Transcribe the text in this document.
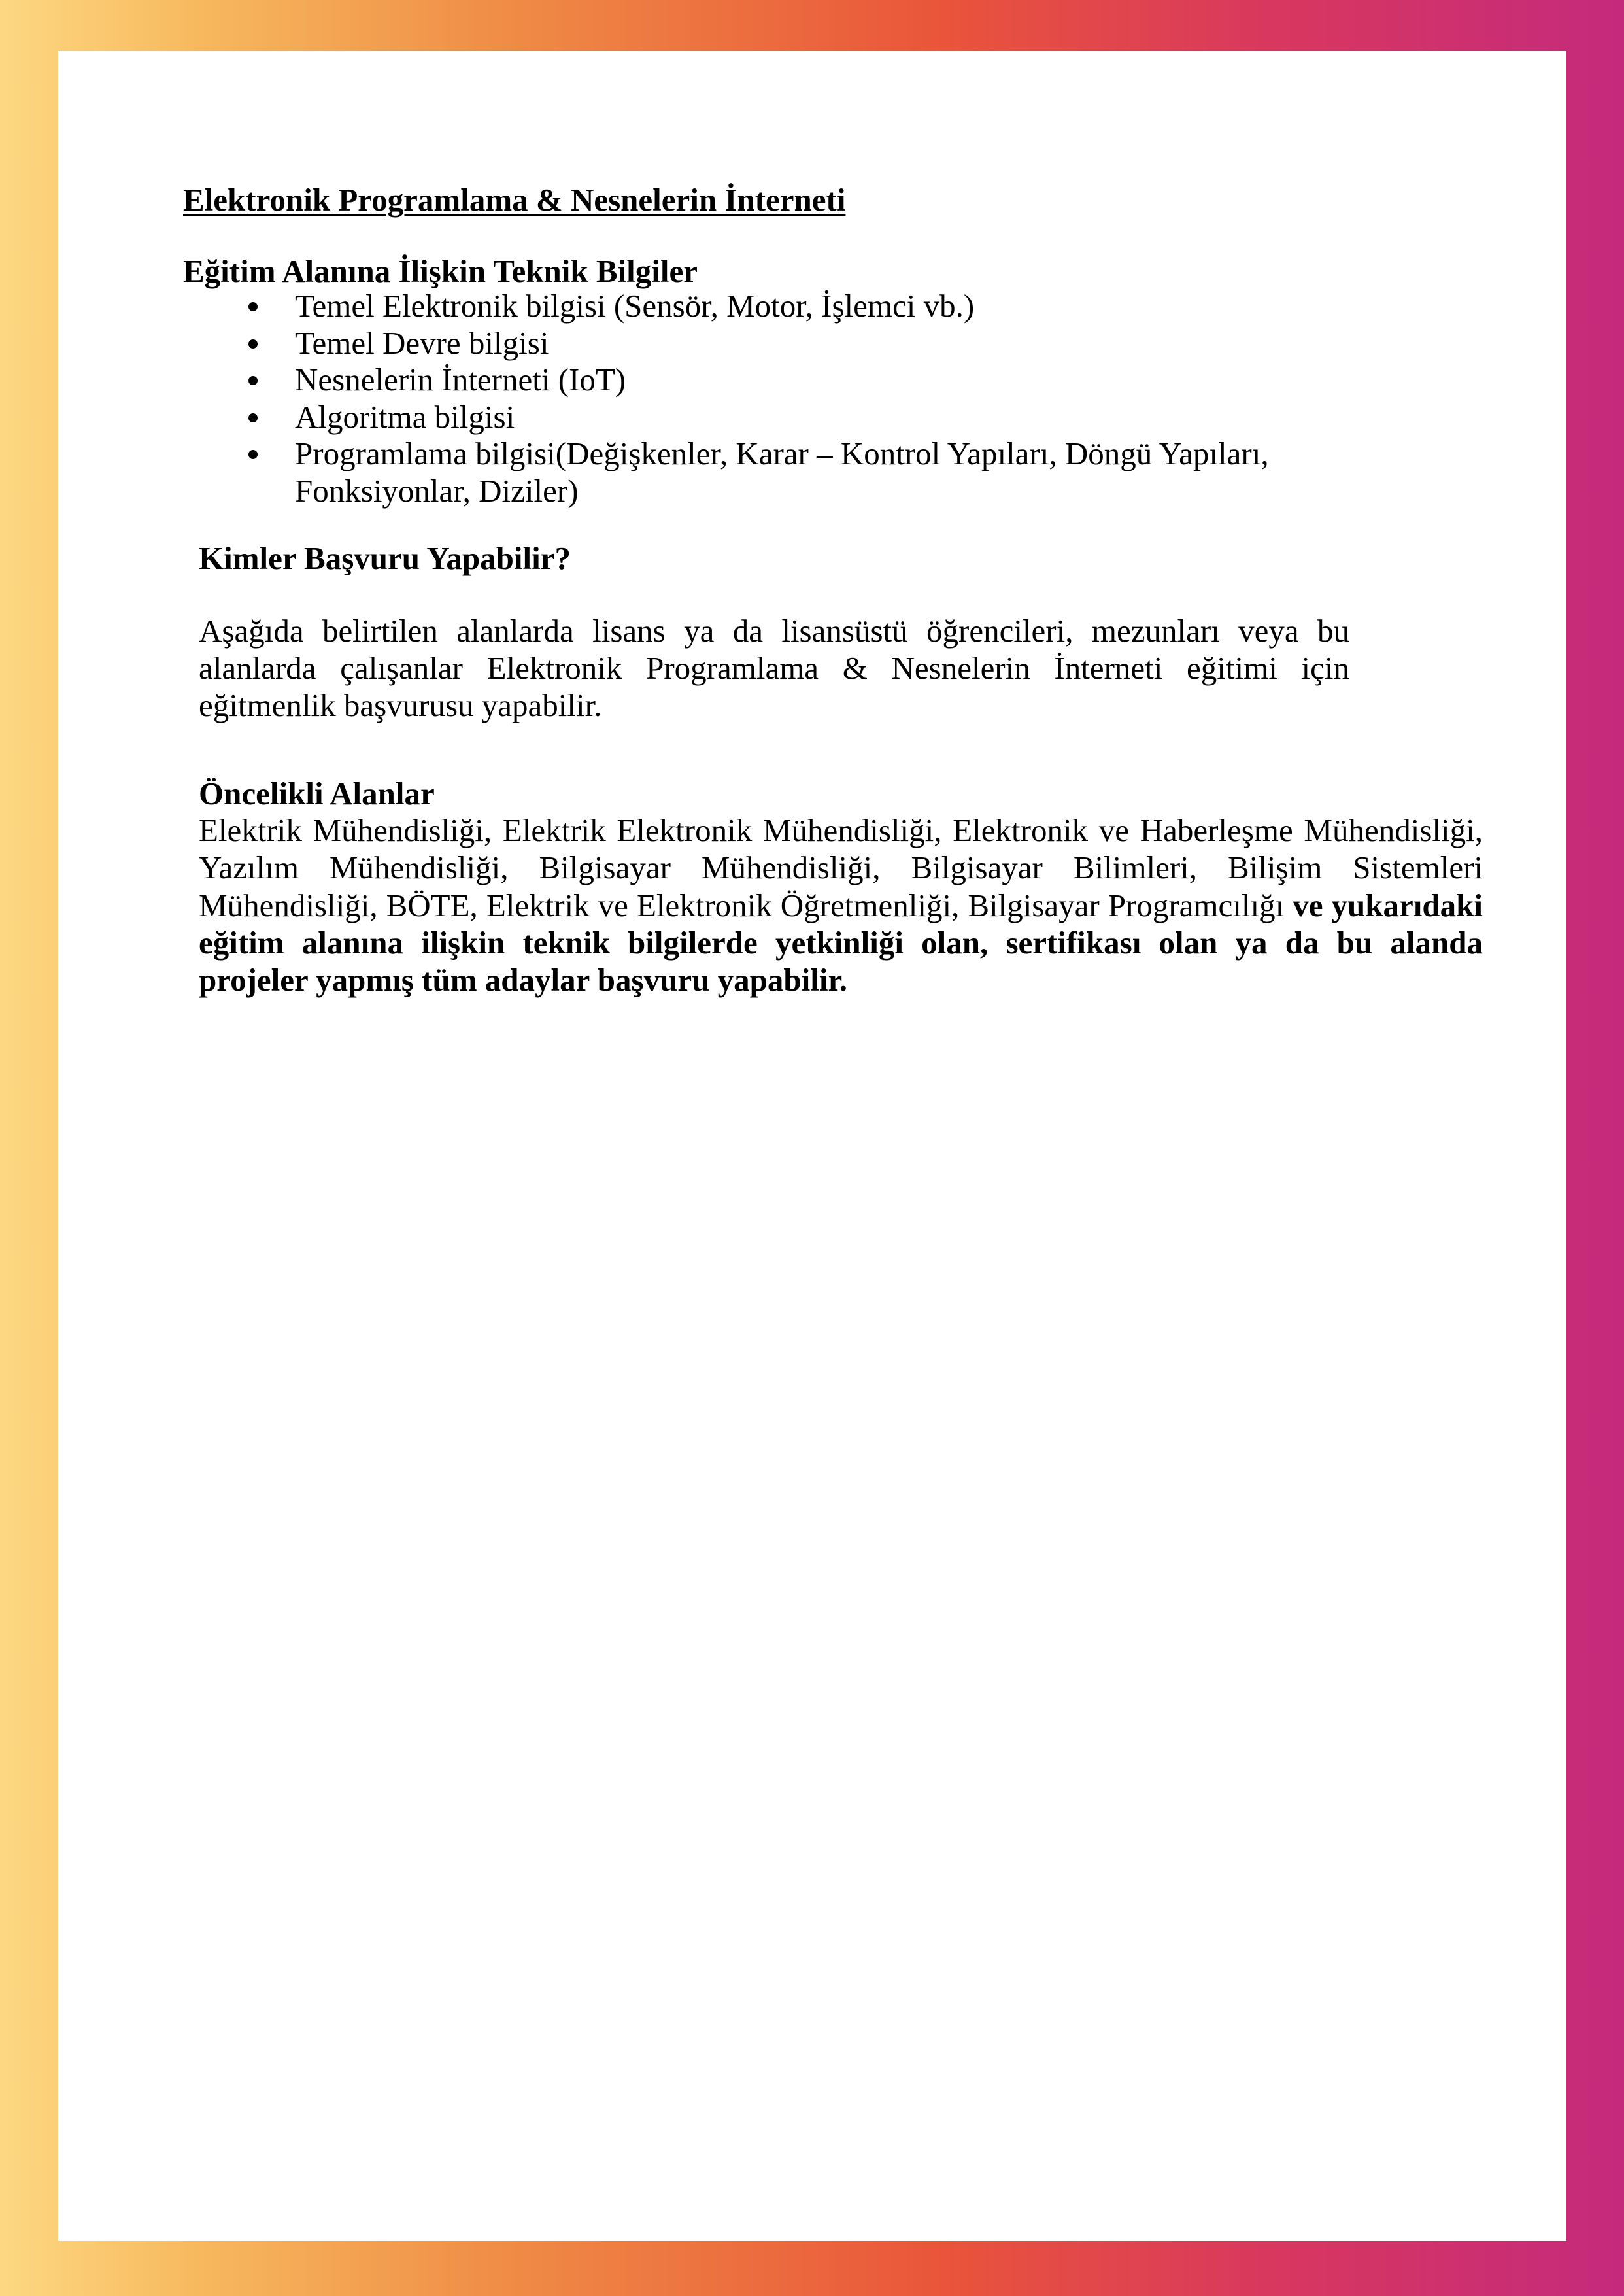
Elektronik Programlama & Nesnelerin İnterneti
Eğitim Alanına İlişkin Teknik Bilgiler
Temel Elektronik bilgisi (Sensör, Motor, İşlemci vb.)
Temel Devre bilgisi
Nesnelerin İnterneti (IoT)
Algoritma bilgisi
Programlama bilgisi(Değişkenler, Karar – Kontrol Yapıları, Döngü Yapıları, Fonksiyonlar, Diziler)
Kimler Başvuru Yapabilir?
Aşağıda belirtilen alanlarda lisans ya da lisansüstü öğrencileri, mezunları veya bu alanlarda çalışanlar Elektronik Programlama & Nesnelerin İnterneti eğitimi için eğitmenlik başvurusu yapabilir.
Öncelikli Alanlar
Elektrik Mühendisliği, Elektrik Elektronik Mühendisliği, Elektronik ve Haberleşme Mühendisliği, Yazılım Mühendisliği, Bilgisayar Mühendisliği, Bilgisayar Bilimleri, Bilişim Sistemleri Mühendisliği, BÖTE, Elektrik ve Elektronik Öğretmenliği, Bilgisayar Programcılığı ve yukarıdaki eğitim alanına ilişkin teknik bilgilerde yetkinliği olan, sertifikası olan ya da bu alanda projeler yapmış tüm adaylar başvuru yapabilir.
